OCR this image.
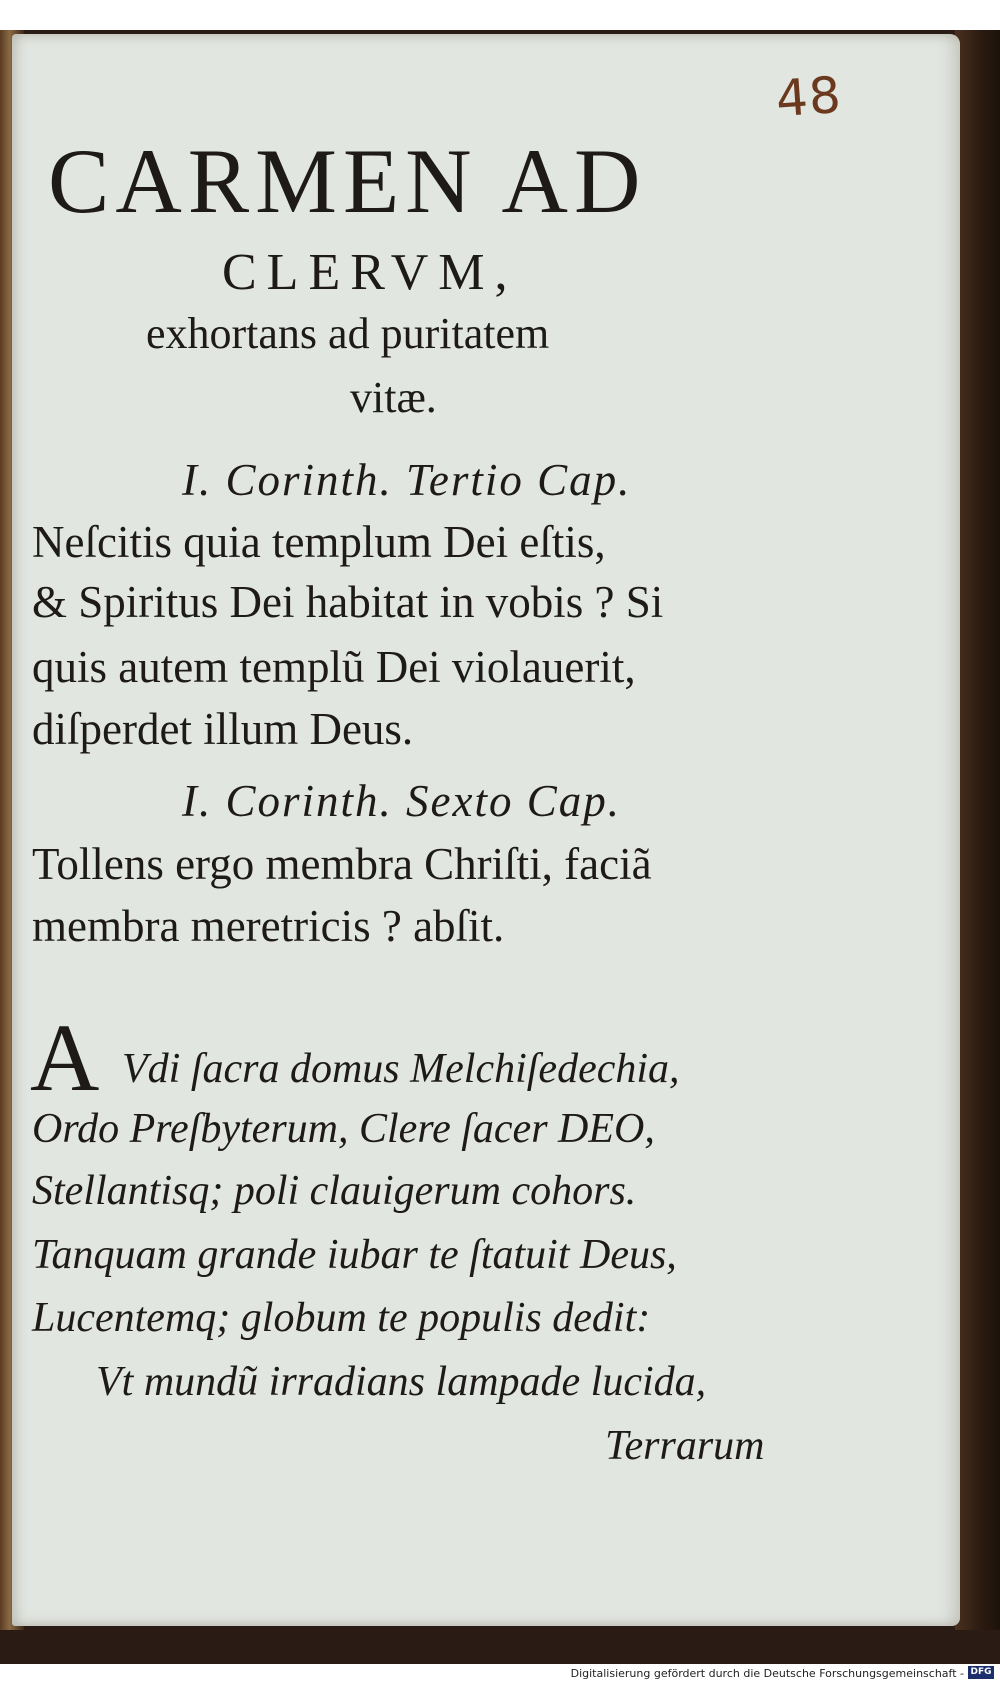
48
CARMEN AD
CLERVM,
exhortans ad puritatem
vitæ.
I. Corinth. Tertio Cap.
Neſcitis quia templum Dei eſtis,
& Spiritus Dei habitat in vobis ? Si
quis autem templũ Dei violauerit,
diſperdet illum Deus.
I. Corinth. Sexto Cap.
Tollens ergo membra Chriſti, faciã
membra meretricis ? abſit.
A Vdi ſacra domus Melchiſedechia,
Ordo Preſbyterum, Clere ſacer DEO,
Stellantisq; poli clauigerum cohors.
Tanquam grande iubar te ſtatuit Deus,
Lucentemq; globum te populis dedit:
Vt mundũ irradians lampade lucida,
Terrarum
Digitalisierung gefördert durch die Deutsche Forschungsgemeinschaft - DFG
